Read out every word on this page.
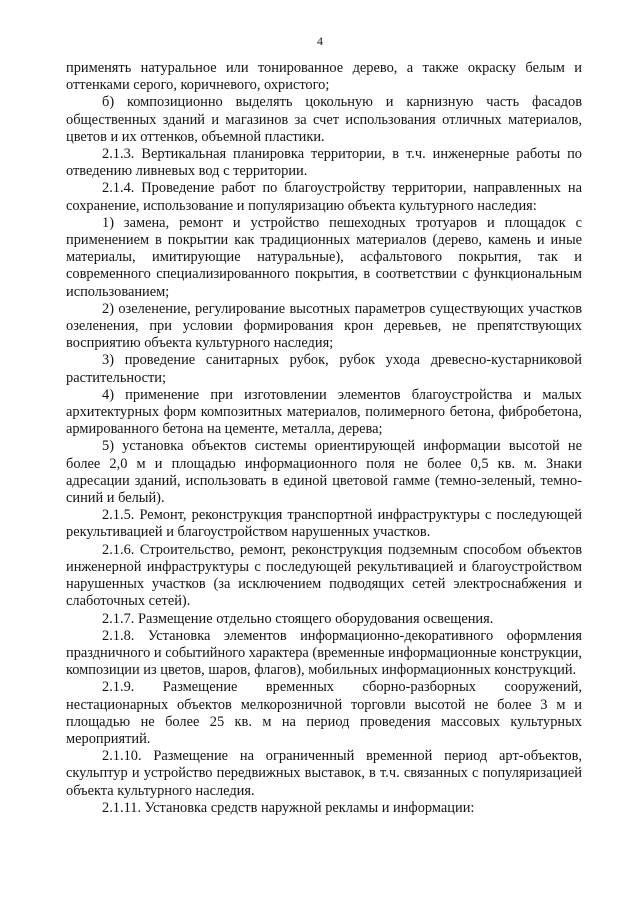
4

применять натуральное или тонированное дерево, а также окраску белым и оттенками серого, коричневого, охристого;

б) композиционно выделять цокольную и карнизную часть фасадов общественных зданий и магазинов за счет использования отличных материалов, цветов и их оттенков, объемной пластики.

2.1.3. Вертикальная планировка территории, в т.ч. инженерные работы по отведению ливневых вод с территории.

2.1.4. Проведение работ по благоустройству территории, направленных на сохранение, использование и популяризацию объекта культурного наследия:

1) замена, ремонт и устройство пешеходных тротуаров и площадок с применением в покрытии как традиционных материалов (дерево, камень и иные материалы, имитирующие натуральные), асфальтового покрытия, так и современного специализированного покрытия, в соответствии с функциональным использованием;

2) озеленение, регулирование высотных параметров существующих участков озеленения, при условии формирования крон деревьев, не препятствующих восприятию объекта культурного наследия;

3) проведение санитарных рубок, рубок ухода древесно-кустарниковой растительности;

4) применение при изготовлении элементов благоустройства и малых архитектурных форм композитных материалов, полимерного бетона, фибробетона, армированного бетона на цементе, металла, дерева;

5) установка объектов системы ориентирующей информации высотой не более 2,0 м и площадью информационного поля не более 0,5 кв. м. Знаки адресации зданий, использовать в единой цветовой гамме (темно-зеленый, темно-синий и белый).

2.1.5. Ремонт, реконструкция транспортной инфраструктуры с последующей рекультивацией и благоустройством нарушенных участков.

2.1.6. Строительство, ремонт, реконструкция подземным способом объектов инженерной инфраструктуры с последующей рекультивацией и благоустройством нарушенных участков (за исключением подводящих сетей электроснабжения и слаботочных сетей).

2.1.7. Размещение отдельно стоящего оборудования освещения.

2.1.8. Установка элементов информационно-декоративного оформления праздничного и событийного характера (временные информационные конструкции, композиции из цветов, шаров, флагов), мобильных информационных конструкций.

2.1.9. Размещение временных сборно-разборных сооружений, нестационарных объектов мелкорозничной торговли высотой не более 3 м и площадью не более 25 кв. м на период проведения массовых культурных мероприятий.

2.1.10. Размещение на ограниченный временной период арт-объектов, скульптур и устройство передвижных выставок, в т.ч. связанных с популяризацией объекта культурного наследия.

2.1.11. Установка средств наружной рекламы и информации:
